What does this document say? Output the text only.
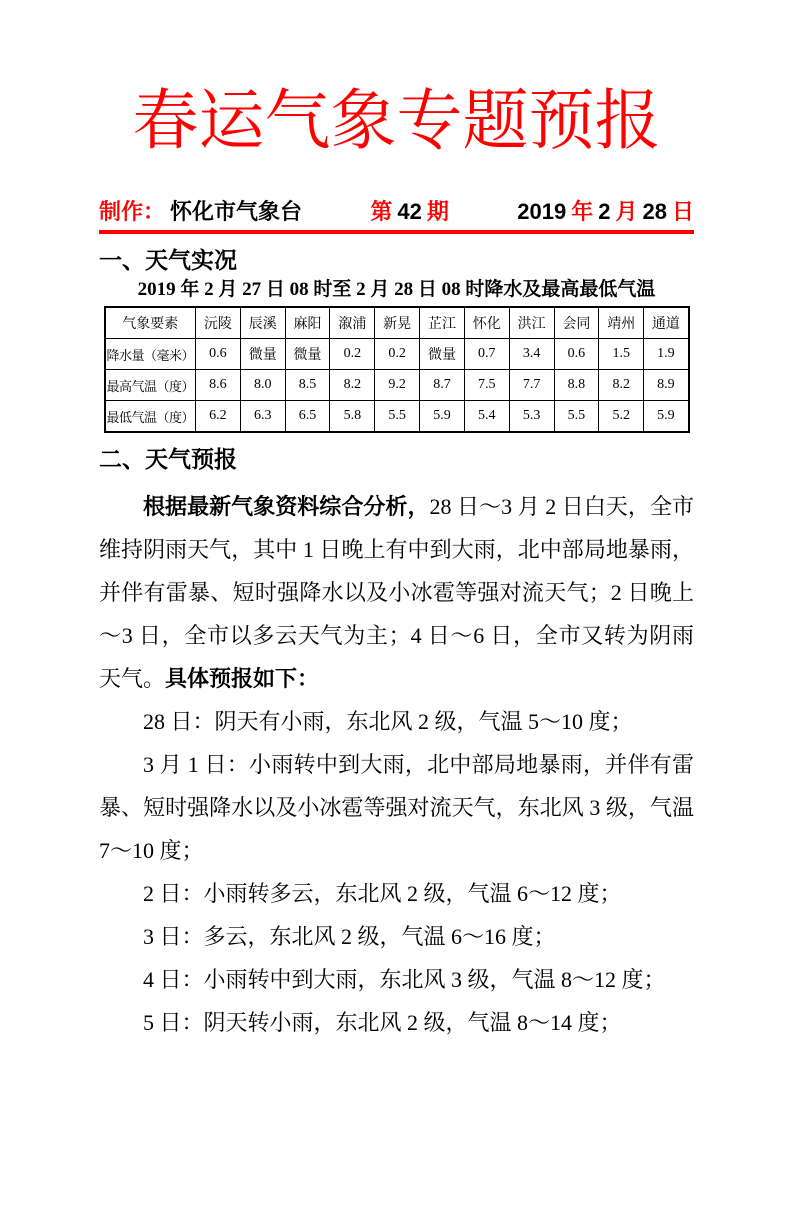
春运气象专题预报
制作： 怀化市气象台	第 42 期	2019 年 2 月 28 日
一、天气实况
2019 年 2 月 27 日 08 时至 2 月 28 日 08 时降水及最高最低气温
气象要素	沅陵	辰溪	麻阳	溆浦	新晃	芷江	怀化	洪江	会同	靖州	通道
降水量（毫米）	0.6	微量	微量	0.2	0.2	微量	0.7	3.4	0.6	1.5	1.9
最高气温（度）	8.6	8.0	8.5	8.2	9.2	8.7	7.5	7.7	8.8	8.2	8.9
最低气温（度）	6.2	6.3	6.5	5.8	5.5	5.9	5.4	5.3	5.5	5.2	5.9
二、天气预报

根据最新气象资料综合分析，28 日～3 月 2 日白天，全市维持阴雨天气，其中 1 日晚上有中到大雨，北中部局地暴雨，并伴有雷暴、短时强降水以及小冰雹等强对流天气；2 日晚上～3 日，全市以多云天气为主；4 日～6 日，全市又转为阴雨天气。具体预报如下：

28 日：阴天有小雨，东北风 2 级，气温 5～10 度；

3 月 1 日：小雨转中到大雨，北中部局地暴雨，并伴有雷暴、短时强降水以及小冰雹等强对流天气，东北风 3 级，气温 7～10 度；

2 日：小雨转多云，东北风 2 级，气温 6～12 度；

3 日：多云，东北风 2 级，气温 6～16 度；

4 日：小雨转中到大雨，东北风 3 级，气温 8～12 度；

5 日：阴天转小雨，东北风 2 级，气温 8～14 度；
